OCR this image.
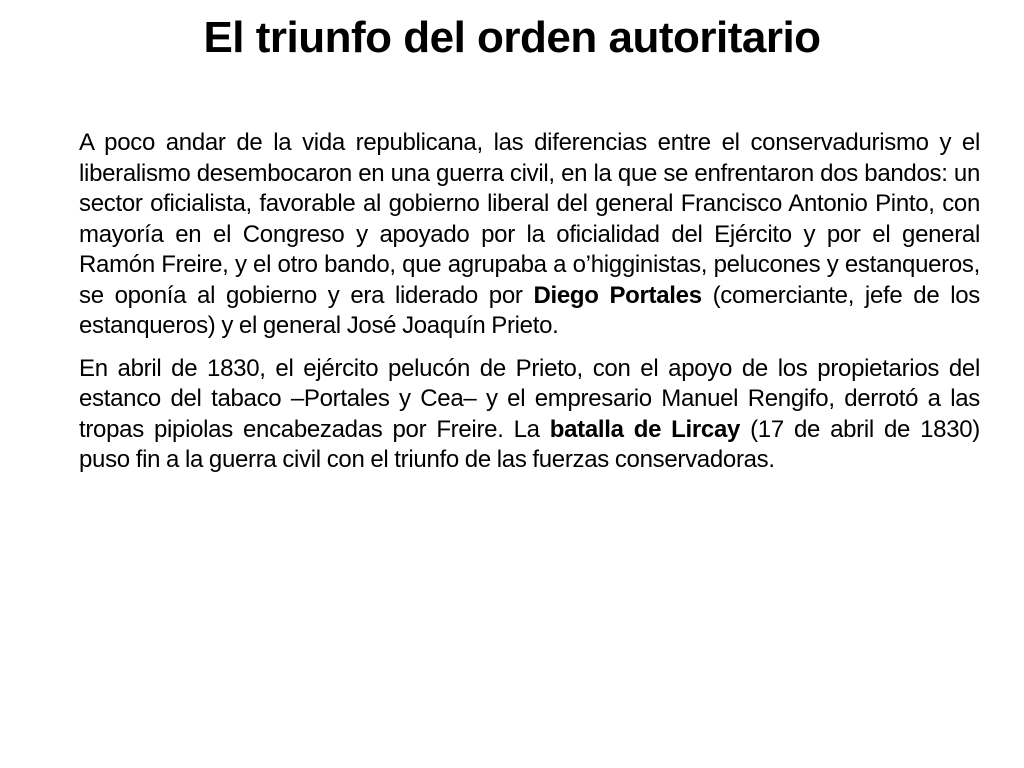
El triunfo del orden autoritario

A poco andar de la vida republicana, las diferencias entre el conservadurismo y el liberalismo desembocaron en una guerra civil, en la que se enfrentaron dos bandos: un sector oficialista, favorable al gobierno liberal del general Francisco Antonio Pinto, con mayoría en el Congreso y apoyado por la oficialidad del Ejército y por el general Ramón Freire, y el otro bando, que agrupaba a o’higginistas, pelucones y estanqueros, se oponía al gobierno y era liderado por Diego Portales (comerciante, jefe de los estanqueros) y el general José Joaquín Prieto.

En abril de 1830, el ejército pelucón de Prieto, con el apoyo de los propietarios del estanco del tabaco –Portales y Cea– y el empresario Manuel Rengifo, derrotó a las tropas pipiolas encabezadas por Freire. La batalla de Lircay (17 de abril de 1830) puso fin a la guerra civil con el triunfo de las fuerzas conservadoras.
